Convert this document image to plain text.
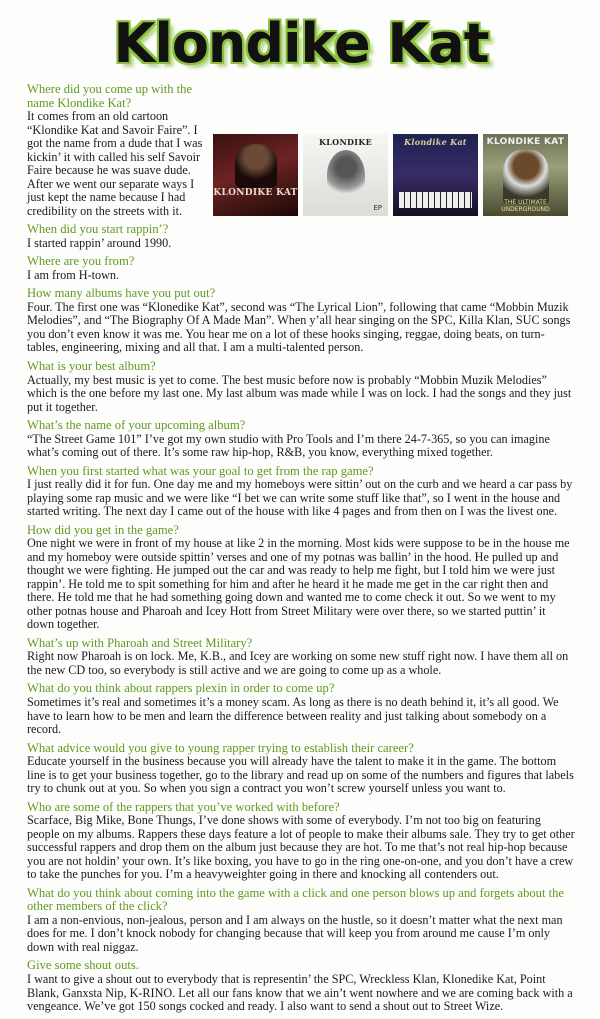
Klondike Kat
KLONDIKE KAT
KLONDIKE
EP
Klondike Kat	KLONDIKE KAT
THE ULTIMATE UNDERGROUND
Where did you come up with the name Klondike Kat?
It comes from an old cartoon “Klondike Kat and Savoir Faire”. I got the name from a dude that I was kickin’ it with called his self Savoir Faire because he was suave dude. After we went our separate ways I just kept the name because I had credibility on the streets with it.
When did you start rappin’?
I started rappin’ around 1990.
Where are you from?
I am from H-town.
How many albums have you put out?
Four. The first one was “Klonedike Kat”, second was “The Lyrical Lion”, following that came “Mobbin Muzik Melodies”, and “The Biography Of A Made Man”. When y’all hear singing on the SPC, Killa Klan, SUC songs you don’t even know it was me. You hear me on a lot of these hooks singing, reggae, doing beats, on turn-tables, engineering, mixing and all that. I am a multi-talented person.
What is your best album?
Actually, my best music is yet to come. The best music before now is probably “Mobbin Muzik Melodies” which is the one before my last one. My last album was made while I was on lock. I had the songs and they just put it together.
What’s the name of your upcoming album?
“The Street Game 101” I’ve got my own studio with Pro Tools and I’m there 24-7-365, so you can imagine what’s coming out of there. It’s some raw hip-hop, R&B, you know, everything mixed together.
When you first started what was your goal to get from the rap game?
I just really did it for fun. One day me and my homeboys were sittin’ out on the curb and we heard a car pass by playing some rap music and we were like “I bet we can write some stuff like that”, so I went in the house and started writing. The next day I came out of the house with like 4 pages and from then on I was the livest one.
How did you get in the game?
One night we were in front of my house at like 2 in the morning. Most kids were suppose to be in the house me and my homeboy were outside spittin’ verses and one of my potnas was ballin’ in the hood. He pulled up and thought we were fighting. He jumped out the car and was ready to help me fight, but I told him we were just rappin’. He told me to spit something for him and after he heard it he made me get in the car right then and there. He told me that he had something going down and wanted me to come check it out. So we went to my other potnas house and Pharoah and Icey Hott from Street Military were over there, so we started puttin’ it down together.
What’s up with Pharoah and Street Military?
Right now Pharoah is on lock. Me, K.B., and Icey are working on some new stuff right now. I have them all on the new CD too, so everybody is still active and we are going to come up as a whole.
What do you think about rappers plexin in order to come up?
Sometimes it’s real and sometimes it’s a money scam. As long as there is no death behind it, it’s all good. We have to learn how to be men and learn the difference between reality and just talking about somebody on a record.
What advice would you give to young rapper trying to establish their career?
Educate yourself in the business because you will already have the talent to make it in the game. The bottom line is to get your business together, go to the library and read up on some of the numbers and figures that labels try to chunk out at you. So when you sign a contract you won’t screw yourself unless you want to.
Who are some of the rappers that you’ve worked with before?
Scarface, Big Mike, Bone Thungs, I’ve done shows with some of everybody. I’m not too big on featuring people on my albums. Rappers these days feature a lot of people to make their albums sale. They try to get other successful rappers and drop them on the album just because they are hot. To me that’s not real hip-hop because you are not holdin’ your own. It’s like boxing, you have to go in the ring one-on-one, and you don’t have a crew to take the punches for you. I’m a heavyweighter going in there and knocking all contenders out.
What do you think about coming into the game with a click and one person blows up and forgets about the other members of the click?
I am a non-envious, non-jealous, person and I am always on the hustle, so it doesn’t matter what the next man does for me. I don’t knock nobody for changing because that will keep you from around me cause I’m only down with real niggaz.
Give some shout outs.
I want to give a shout out to everybody that is representin’ the SPC, Wreckless Klan, Klonedike Kat, Point Blank, Ganxsta Nip, K-RINO. Let all our fans know that we ain’t went nowhere and we are coming back with a vengeance. We’ve got 150 songs cocked and ready. I also want to send a shout out to Street Wize.
